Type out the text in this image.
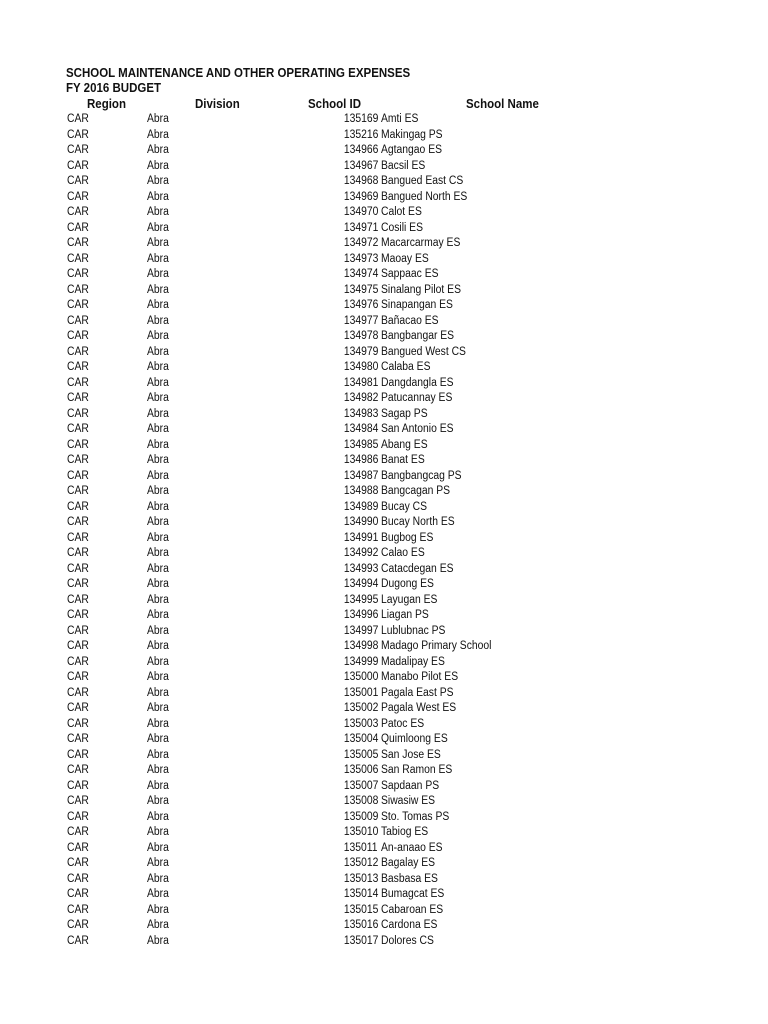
SCHOOL MAINTENANCE AND OTHER OPERATING EXPENSES
FY 2016 BUDGET
Region	Division	School ID	School Name
CAR	Abra	135169 Amti ES
CAR	Abra	135216 Makingag PS
CAR	Abra	134966 Agtangao ES
CAR	Abra	134967 Bacsil ES
CAR	Abra	134968 Bangued East CS
CAR	Abra	134969 Bangued North ES
CAR	Abra	134970 Calot ES
CAR	Abra	134971 Cosili ES
CAR	Abra	134972 Macarcarmay ES
CAR	Abra	134973 Maoay ES
CAR	Abra	134974 Sappaac ES
CAR	Abra	134975 Sinalang Pilot ES
CAR	Abra	134976 Sinapangan ES
CAR	Abra	134977 Bañacao ES
CAR	Abra	134978 Bangbangar ES
CAR	Abra	134979 Bangued West CS
CAR	Abra	134980 Calaba ES
CAR	Abra	134981 Dangdangla ES
CAR	Abra	134982 Patucannay ES
CAR	Abra	134983 Sagap PS
CAR	Abra	134984 San Antonio ES
CAR	Abra	134985 Abang ES
CAR	Abra	134986 Banat ES
CAR	Abra	134987 Bangbangcag PS
CAR	Abra	134988 Bangcagan PS
CAR	Abra	134989 Bucay CS
CAR	Abra	134990 Bucay North ES
CAR	Abra	134991 Bugbog ES
CAR	Abra	134992 Calao ES
CAR	Abra	134993 Catacdegan ES
CAR	Abra	134994 Dugong ES
CAR	Abra	134995 Layugan ES
CAR	Abra	134996 Liagan PS
CAR	Abra	134997 Lublubnac PS
CAR	Abra	134998 Madago Primary School
CAR	Abra	134999 Madalipay ES
CAR	Abra	135000 Manabo Pilot ES
CAR	Abra	135001 Pagala East PS
CAR	Abra	135002 Pagala West ES
CAR	Abra	135003 Patoc ES
CAR	Abra	135004 Quimloong ES
CAR	Abra	135005 San Jose ES
CAR	Abra	135006 San Ramon ES
CAR	Abra	135007 Sapdaan PS
CAR	Abra	135008 Siwasiw ES
CAR	Abra	135009 Sto. Tomas PS
CAR	Abra	135010 Tabiog ES
CAR	Abra	135011 An-anaao ES
CAR	Abra	135012 Bagalay ES
CAR	Abra	135013 Basbasa ES
CAR	Abra	135014 Bumagcat ES
CAR	Abra	135015 Cabaroan ES
CAR	Abra	135016 Cardona ES
CAR	Abra	135017 Dolores CS
